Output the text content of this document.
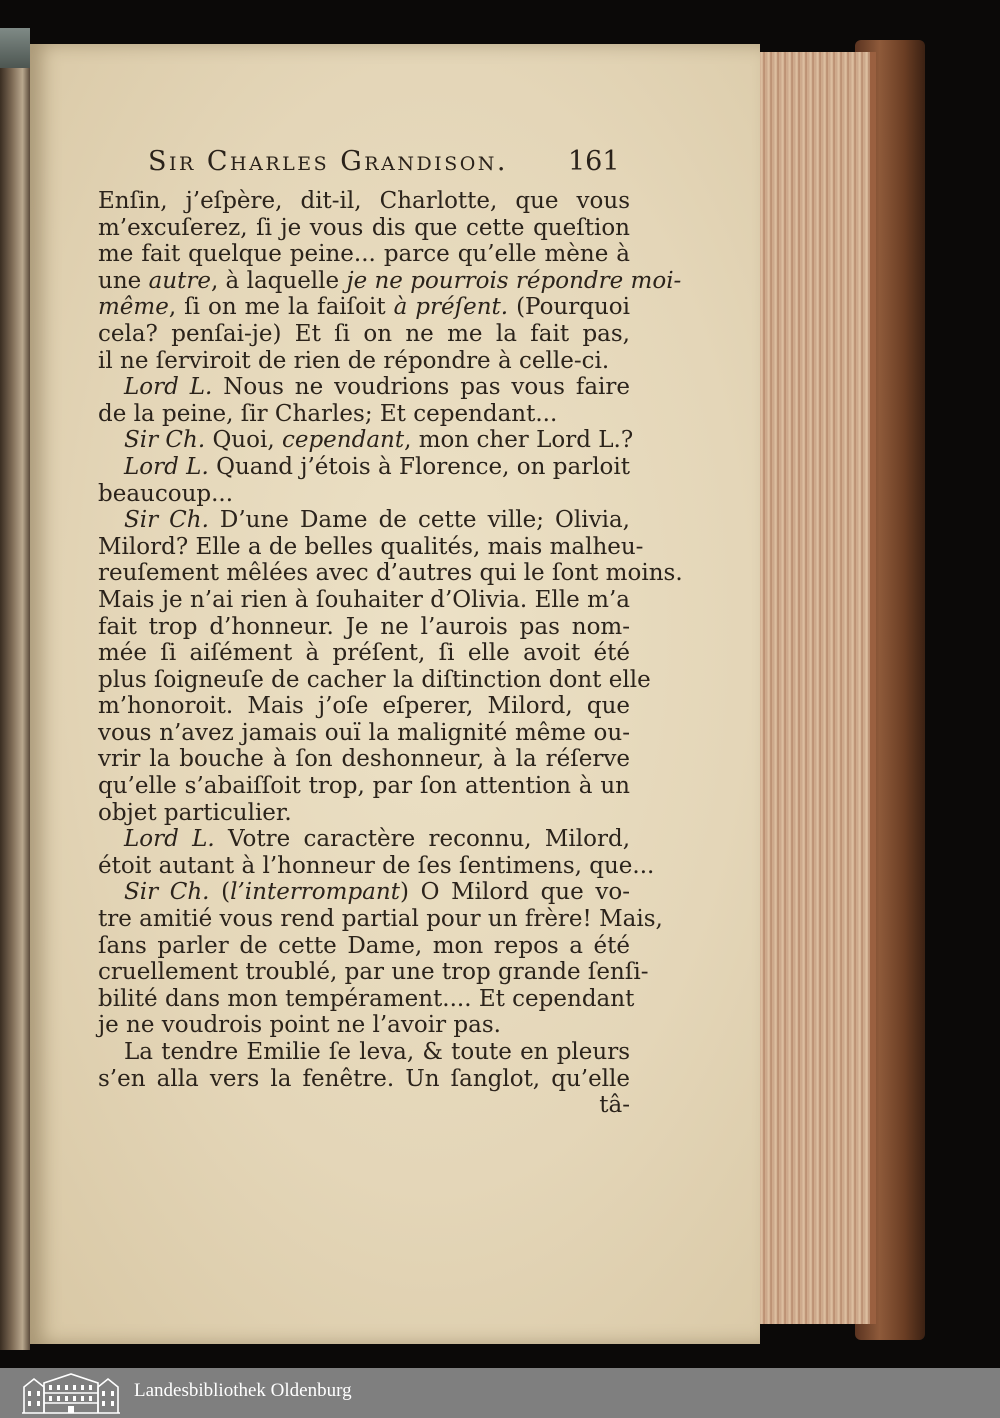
Sir Charles Grandison.	161
Enſin, j’eſpère, dit-il, Charlotte, que vous
m’excuſerez, ſi je vous dis que cette queſtion
me fait quelque peine... parce qu’elle mène à
une autre, à laquelle je ne pourrois répondre moi-
même, ſi on me la faiſoit à préſent. (Pourquoi
cela? penſai-je) Et ſi on ne me la fait pas,
il ne ſerviroit de rien de répondre à celle-ci.
Lord L. Nous ne voudrions pas vous faire
de la peine, ſir Charles; Et cependant...
Sir Ch. Quoi, cependant, mon cher Lord L.?
Lord L. Quand j’étois à Florence, on parloit
beaucoup...
Sir Ch. D’une Dame de cette ville; Olivia,
Milord? Elle a de belles qualités, mais malheu-
reuſement mêlées avec d’autres qui le ſont moins.
Mais je n’ai rien à ſouhaiter d’Olivia. Elle m’a
fait trop d’honneur. Je ne l’aurois pas nom-
mée ſi aiſément à préſent, ſi elle avoit été
plus ſoigneuſe de cacher la diſtinction dont elle
m’honoroit. Mais j’oſe eſperer, Milord, que
vous n’avez jamais ouï la malignité même ou-
vrir la bouche à ſon deshonneur, à la réſerve
qu’elle s’abaiſſoit trop, par ſon attention à un
objet particulier.
Lord L. Votre caractère reconnu, Milord,
étoit autant à l’honneur de ſes ſentimens, que...
Sir Ch. (l’interrompant) O Milord que vo-
tre amitié vous rend partial pour un frère! Mais,
ſans parler de cette Dame, mon repos a été
cruellement troublé, par une trop grande ſenſi-
bilité dans mon tempérament.... Et cependant
je ne voudrois point ne l’avoir pas.
La tendre Emilie ſe leva, & toute en pleurs
s’en alla vers la fenêtre. Un ſanglot, qu’elle
tâ-
Landesbibliothek Oldenburg
